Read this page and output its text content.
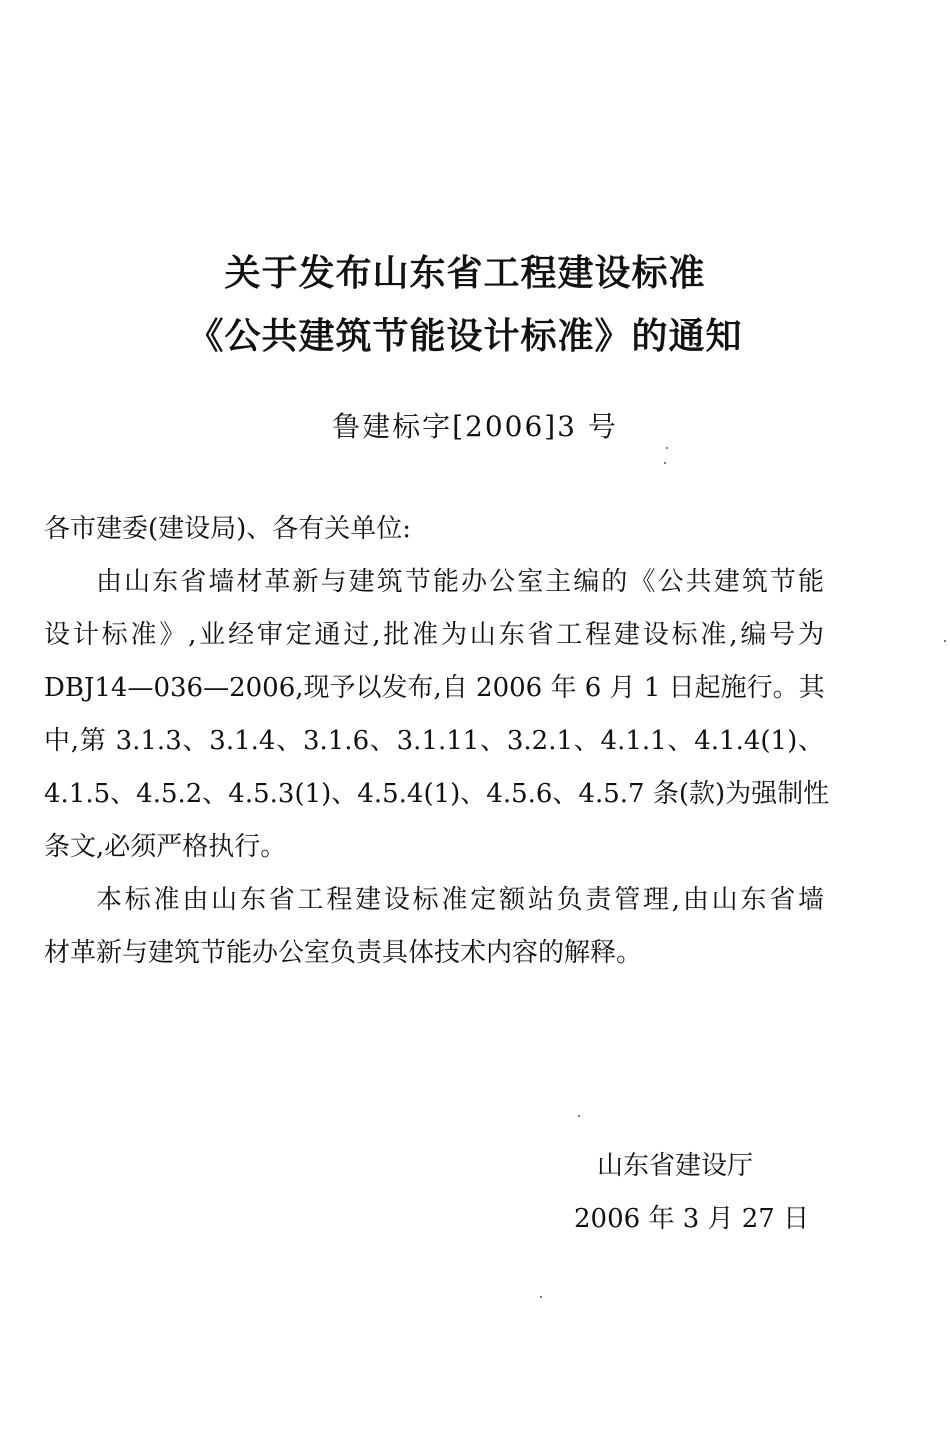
关于发布山东省工程建设标准
《公共建筑节能设计标准》的通知
鲁建标字[2006]3 号
各市建委(建设局)、各有关单位:
由山东省墙材革新与建筑节能办公室主编的《公共建筑节能
设计标准》,业经审定通过,批准为山东省工程建设标准,编号为
DBJ14—036—2006,现予以发布,自 2006 年 6 月 1 日起施行。其
中,第 3.1.3、3.1.4、3.1.6、3.1.11、3.2.1、4.1.1、4.1.4(1)、
4.1.5、4.5.2、4.5.3(1)、4.5.4(1)、4.5.6、4.5.7 条(款)为强制性
条文,必须严格执行。
本标准由山东省工程建设标准定额站负责管理,由山东省墙
材革新与建筑节能办公室负责具体技术内容的解释。
山东省建设厅
2006 年 3 月 27 日
